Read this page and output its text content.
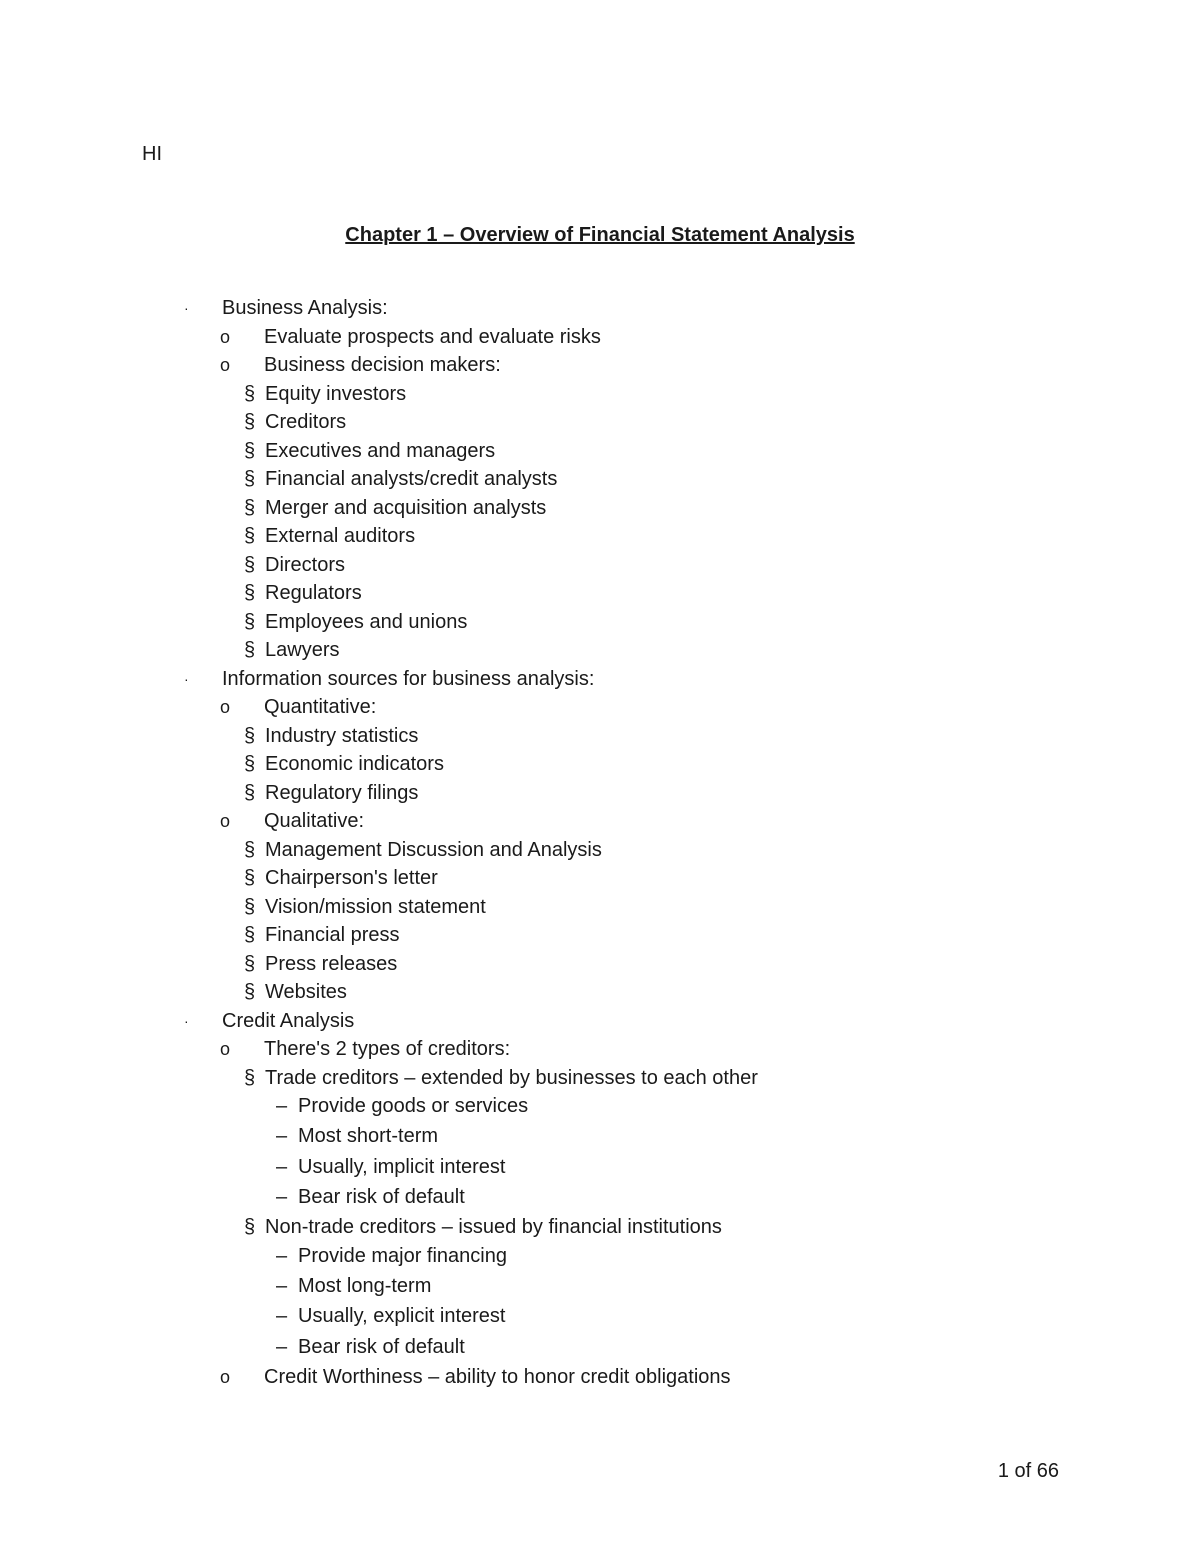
HI
Chapter 1 – Overview of Financial Statement Analysis
· Business Analysis:
o Evaluate prospects and evaluate risks
o Business decision makers:
§ Equity investors
§ Creditors
§ Executives and managers
§ Financial analysts/credit analysts
§ Merger and acquisition analysts
§ External auditors
§ Directors
§ Regulators
§ Employees and unions
§ Lawyers
· Information sources for business analysis:
o Quantitative:
§ Industry statistics
§ Economic indicators
§ Regulatory filings
o Qualitative:
§ Management Discussion and Analysis
§ Chairperson's letter
§ Vision/mission statement
§ Financial press
§ Press releases
§ Websites
· Credit Analysis
o There's 2 types of creditors:
§ Trade creditors – extended by businesses to each other
– Provide goods or services
– Most short-term
– Usually, implicit interest
– Bear risk of default
§ Non-trade creditors – issued by financial institutions
– Provide major financing
– Most long-term
– Usually, explicit interest
– Bear risk of default
o Credit Worthiness – ability to honor credit obligations
1 of 66
